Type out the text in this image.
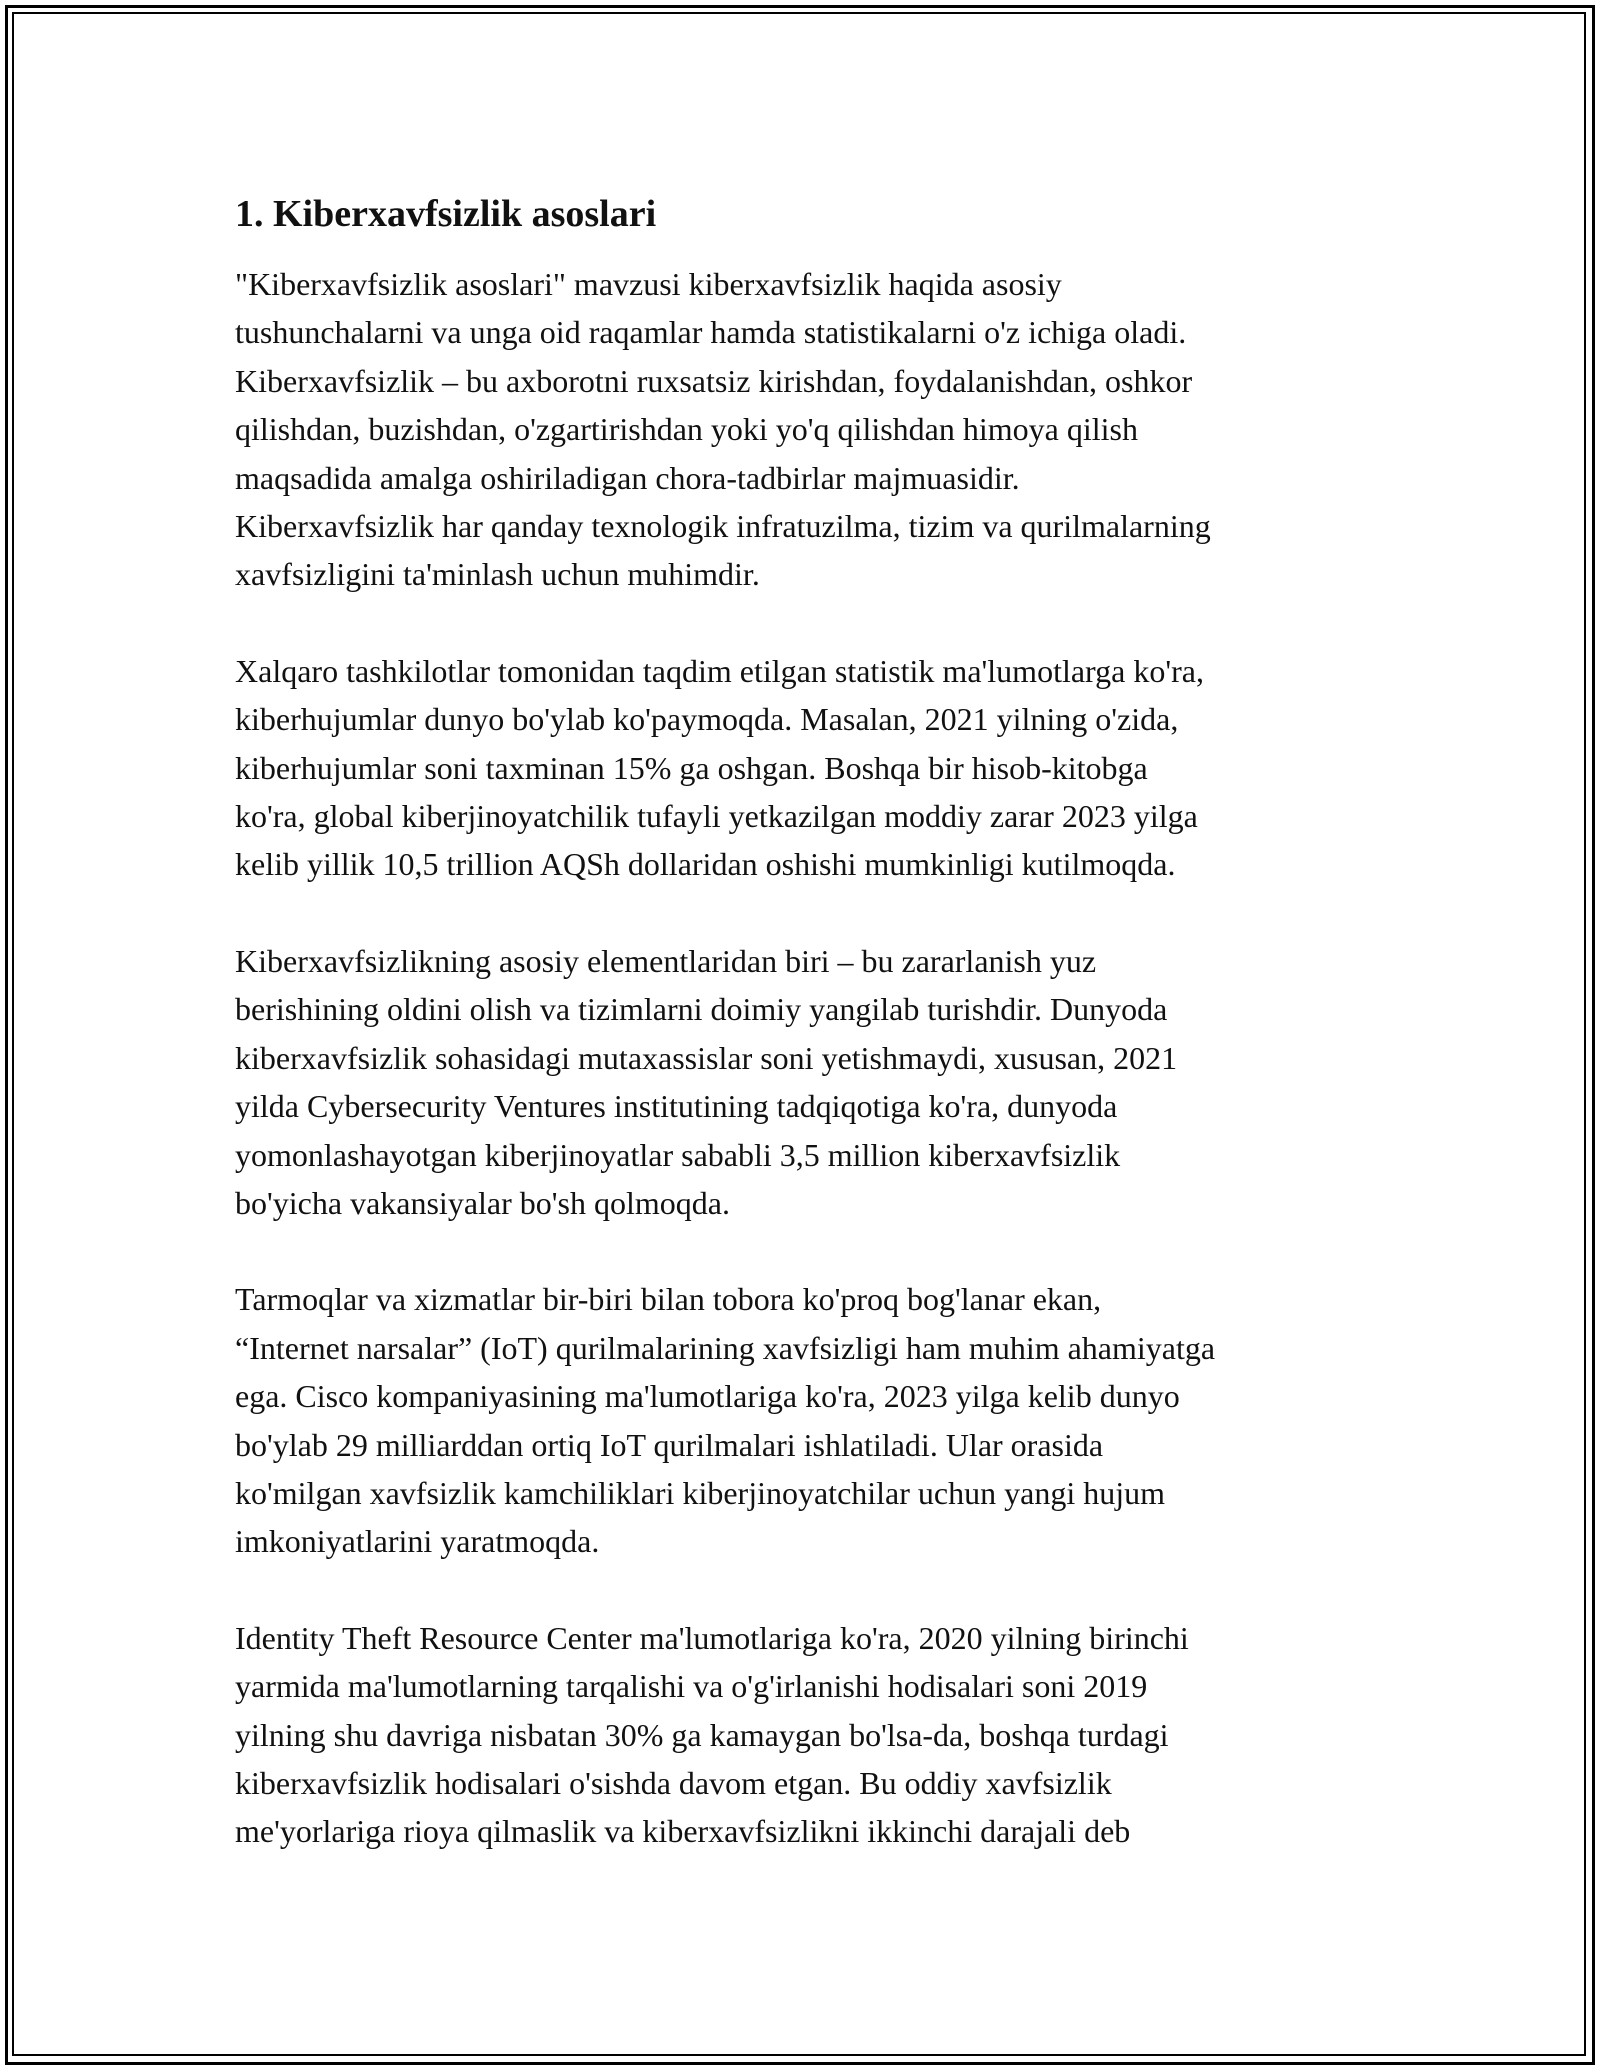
1. Kiberxavfsizlik asoslari
"Kiberxavfsizlik asoslari" mavzusi kiberxavfsizlik haqida asosiy
tushunchalarni va unga oid raqamlar hamda statistikalarni o'z ichiga oladi.
Kiberxavfsizlik – bu axborotni ruxsatsiz kirishdan, foydalanishdan, oshkor
qilishdan, buzishdan, o'zgartirishdan yoki yo'q qilishdan himoya qilish
maqsadida amalga oshiriladigan chora-tadbirlar majmuasidir.
Kiberxavfsizlik har qanday texnologik infratuzilma, tizim va qurilmalarning
xavfsizligini ta'minlash uchun muhimdir.
Xalqaro tashkilotlar tomonidan taqdim etilgan statistik ma'lumotlarga ko'ra,
kiberhujumlar dunyo bo'ylab ko'paymoqda. Masalan, 2021 yilning o'zida,
kiberhujumlar soni taxminan 15% ga oshgan. Boshqa bir hisob-kitobga
ko'ra, global kiberjinoyatchilik tufayli yetkazilgan moddiy zarar 2023 yilga
kelib yillik 10,5 trillion AQSh dollaridan oshishi mumkinligi kutilmoqda.
Kiberxavfsizlikning asosiy elementlaridan biri – bu zararlanish yuz
berishining oldini olish va tizimlarni doimiy yangilab turishdir. Dunyoda
kiberxavfsizlik sohasidagi mutaxassislar soni yetishmaydi, xususan, 2021
yilda Cybersecurity Ventures institutining tadqiqotiga ko'ra, dunyoda
yomonlashayotgan kiberjinoyatlar sababli 3,5 million kiberxavfsizlik
bo'yicha vakansiyalar bo'sh qolmoqda.
Tarmoqlar va xizmatlar bir-biri bilan tobora ko'proq bog'lanar ekan,
“Internet narsalar” (IoT) qurilmalarining xavfsizligi ham muhim ahamiyatga
ega. Cisco kompaniyasining ma'lumotlariga ko'ra, 2023 yilga kelib dunyo
bo'ylab 29 milliarddan ortiq IoT qurilmalari ishlatiladi. Ular orasida
ko'milgan xavfsizlik kamchiliklari kiberjinoyatchilar uchun yangi hujum
imkoniyatlarini yaratmoqda.
Identity Theft Resource Center ma'lumotlariga ko'ra, 2020 yilning birinchi
yarmida ma'lumotlarning tarqalishi va o'g'irlanishi hodisalari soni 2019
yilning shu davriga nisbatan 30% ga kamaygan bo'lsa-da, boshqa turdagi
kiberxavfsizlik hodisalari o'sishda davom etgan. Bu oddiy xavfsizlik
me'yorlariga rioya qilmaslik va kiberxavfsizlikni ikkinchi darajali deb
